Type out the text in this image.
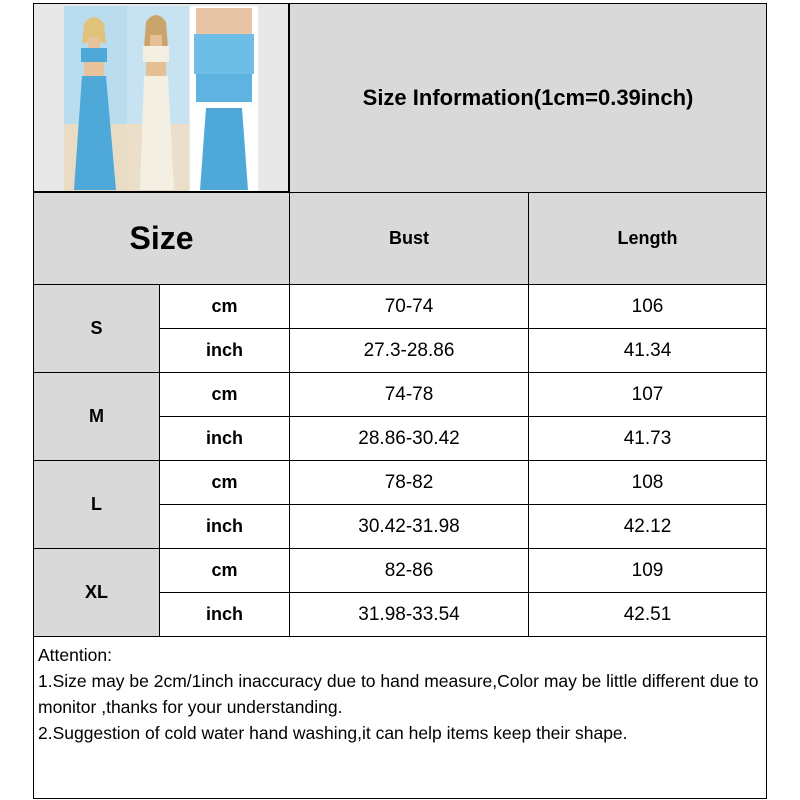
Size Information(1cm=0.39inch)
Size	Bust	Length
S
cm	70-74	106
inch	27.3-28.86	41.34
M
cm	74-78	107
inch	28.86-30.42	41.73
L
cm	78-82	108
inch	30.42-31.98	42.12
XL
cm	82-86	109
inch	31.98-33.54	42.51

Attention:

1.Size may be 2cm/1inch inaccuracy due to hand measure,Color may be little different due to monitor ,thanks for your understanding.

2.Suggestion of cold water hand washing,it can help items keep their shape.
